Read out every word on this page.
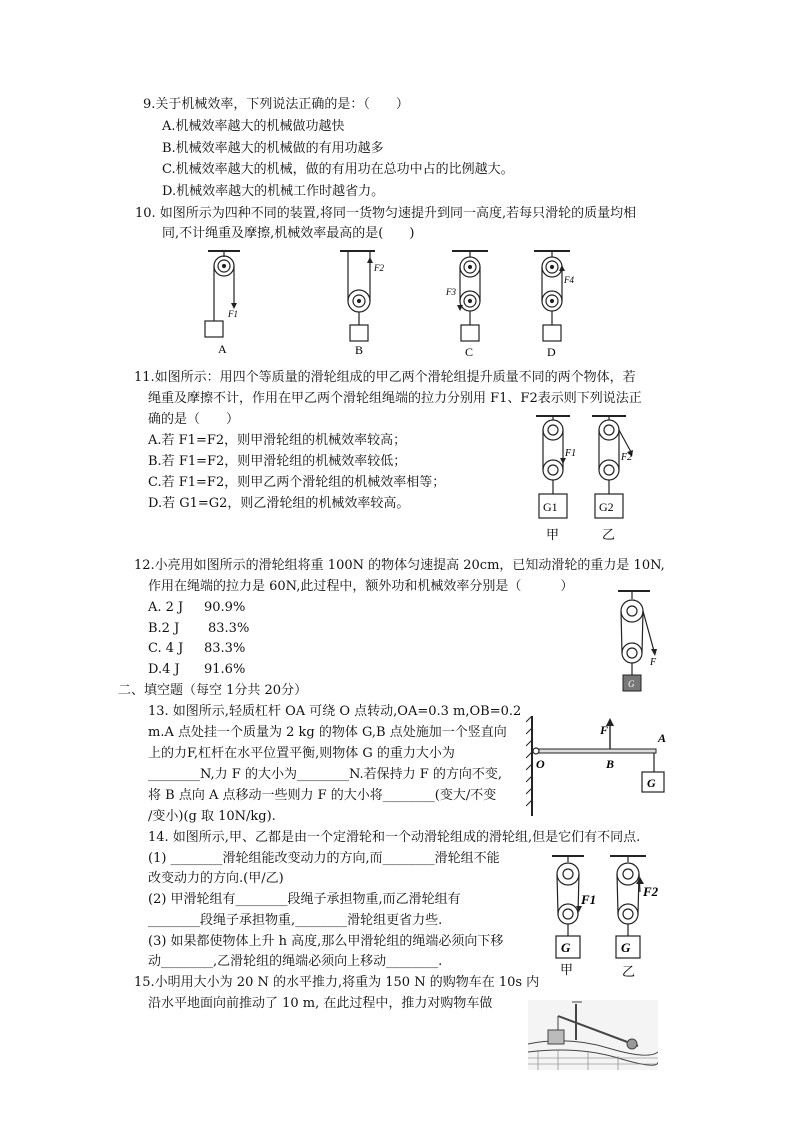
9.关于机械效率，下列说法正确的是：（　　）
A.机械效率越大的机械做功越快
B.机械效率越大的机械做的有用功越多
C.机械效率越大的机械，做的有用功在总功中占的比例越大。
D.机械效率越大的机械工作时越省力。
10. 如图所示为四种不同的装置,将同一货物匀速提升到同一高度,若每只滑轮的质量均相
同,不计绳重及摩擦,机械效率最高的是(　　)
F1
F2
F3
F4
A	B	C	D
11.如图所示：用四个等质量的滑轮组成的甲乙两个滑轮组提升质量不同的两个物体，若
绳重及摩擦不计，作用在甲乙两个滑轮组绳端的拉力分别用 F1、F2表示则下列说法正
确的是（　　）
A.若 F1=F2，则甲滑轮组的机械效率较高；
B.若 F1=F2，则甲滑轮组的机械效率较低；
C.若 F1=F2，则甲乙两个滑轮组的机械效率相等；
D.若 G1=G2，则乙滑轮组的机械效率较高。
F1	F2
G1	G2
甲	乙
12.小亮用如图所示的滑轮组将重 100N 的物体匀速提高 20cm，已知动滑轮的重力是 10N,
作用在绳端的拉力是 60N,此过程中，额外功和机械效率分别是（　　　）
A. 2 J 90.9%
B.2 J 83.3%
C. 4 J 83.3%
D.4 J 91.6%	F
G
二、填空题（每空 1分共 20分）
13. 如图所示,轻质杠杆 OA 可绕 O 点转动,OA=0.3 m,OB=0.2
m.A 点处挂一个质量为 2 kg 的物体 G,B 点处施加一个竖直向
上的力F,杠杆在水平位置平衡,则物体 G 的重力大小为
________N,力 F 的大小为________N.若保持力 F 的方向不变,
将 B 点向 A 点移动一些则力 F 的大小将________(变大/不变
/变小)(g 取 10N/kg).
F
O	B
A
G
14. 如图所示,甲、乙都是由一个定滑轮和一个动滑轮组成的滑轮组,但是它们有不同点.
(1) ________滑轮组能改变动力的方向,而________滑轮组不能
改变动力的方向.(甲/乙)
(2) 甲滑轮组有________段绳子承担物重,而乙滑轮组有
________段绳子承担物重,________滑轮组更省力些.
(3) 如果都使物体上升 h 高度,那么甲滑轮组的绳端必须向下移
动________,乙滑轮组的绳端必须向上移动________.
F1
F2
G	G
甲	乙
15.小明用大小为 20 N 的水平推力,将重为 150 N 的购物车在 10s 内
沿水平地面向前推动了 10 m, 在此过程中，推力对购物车做
